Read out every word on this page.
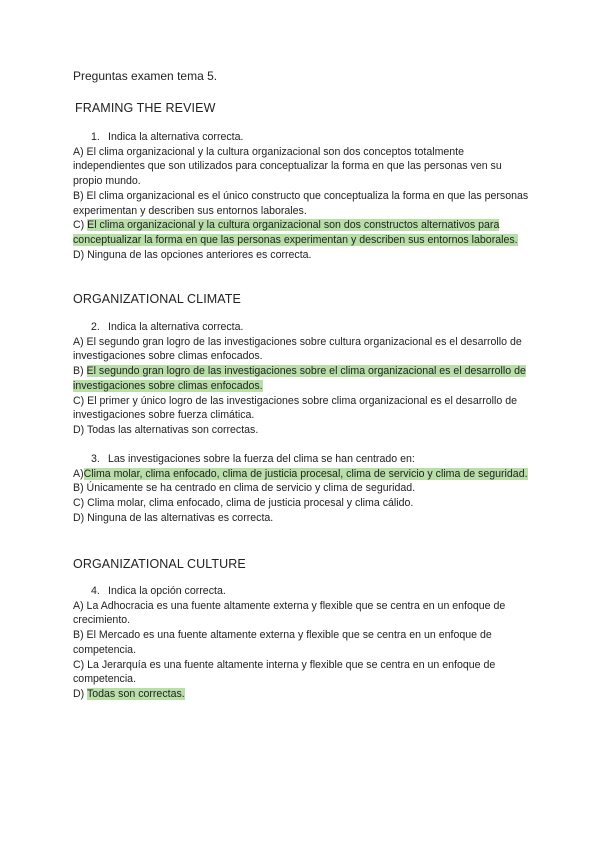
Preguntas examen tema 5.
FRAMING THE REVIEW
1. Indica la alternativa correcta.
A) El clima organizacional y la cultura organizacional son dos conceptos totalmente independientes que son utilizados para conceptualizar la forma en que las personas ven su propio mundo.
B) El clima organizacional es el único constructo que conceptualiza la forma en que las personas experimentan y describen sus entornos laborales.
C) El clima organizacional y la cultura organizacional son dos constructos alternativos para conceptualizar la forma en que las personas experimentan y describen sus entornos laborales.
D) Ninguna de las opciones anteriores es correcta.
ORGANIZATIONAL CLIMATE
2. Indica la alternativa correcta.
A) El segundo gran logro de las investigaciones sobre cultura organizacional es el desarrollo de investigaciones sobre climas enfocados.
B) El segundo gran logro de las investigaciones sobre el clima organizacional es el desarrollo de investigaciones sobre climas enfocados.
C) El primer y único logro de las investigaciones sobre clima organizacional es el desarrollo de investigaciones sobre fuerza climática.
D) Todas las alternativas son correctas.
3. Las investigaciones sobre la fuerza del clima se han centrado en:
A)Clima molar, clima enfocado, clima de justicia procesal, clima de servicio y clima de seguridad.
B) Únicamente se ha centrado en clima de servicio y clima de seguridad.
C) Clima molar, clima enfocado, clima de justicia procesal y clima cálido.
D) Ninguna de las alternativas es correcta.
ORGANIZATIONAL CULTURE
4. Indica la opción correcta.
A) La Adhocracia es una fuente altamente externa y flexible que se centra en un enfoque de crecimiento.
B) El Mercado es una fuente altamente externa y flexible que se centra en un enfoque de competencia.
C) La Jerarquía es una fuente altamente interna y flexible que se centra en un enfoque de competencia.
D) Todas son correctas.
